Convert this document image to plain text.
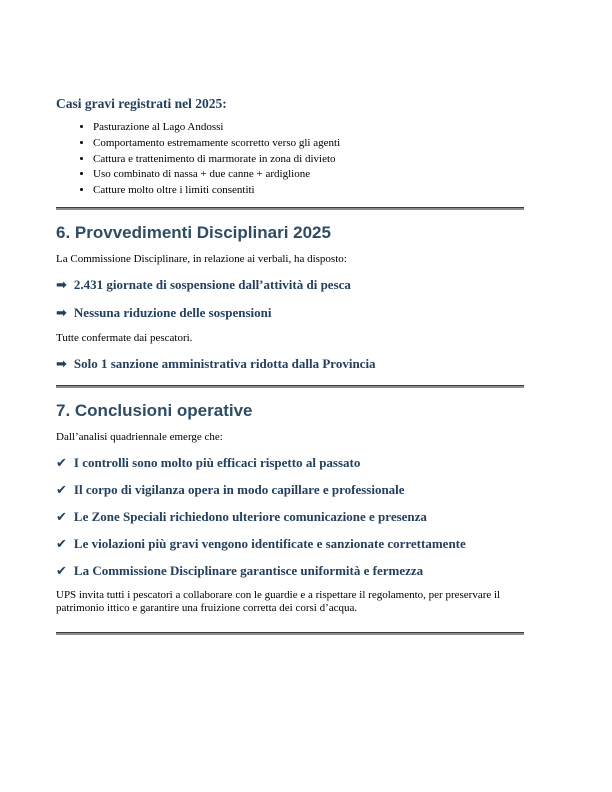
Casi gravi registrati nel 2025:

• Pasturazione al Lago Andossi
• Comportamento estremamente scorretto verso gli agenti
• Cattura e trattenimento di marmorate in zona di divieto
• Uso combinato di nassa + due canne + ardiglione
• Catture molto oltre i limiti consentiti
6. Provvedimenti Disciplinari 2025

La Commissione Disciplinare, in relazione ai verbali, ha disposto:

➡ 2.431 giornate di sospensione dall’attività di pesca

➡ Nessuna riduzione delle sospensioni

Tutte confermate dai pescatori.

➡ Solo 1 sanzione amministrativa ridotta dalla Provincia

7. Conclusioni operative

Dall’analisi quadriennale emerge che:

✔ I controlli sono molto più efficaci rispetto al passato

✔ Il corpo di vigilanza opera in modo capillare e professionale

✔ Le Zone Speciali richiedono ulteriore comunicazione e presenza

✔ Le violazioni più gravi vengono identificate e sanzionate correttamente

✔ La Commissione Disciplinare garantisce uniformità e fermezza

UPS invita tutti i pescatori a collaborare con le guardie e a rispettare il regolamento, per preservare il patrimonio ittico e garantire una fruizione corretta dei corsi d’acqua.
